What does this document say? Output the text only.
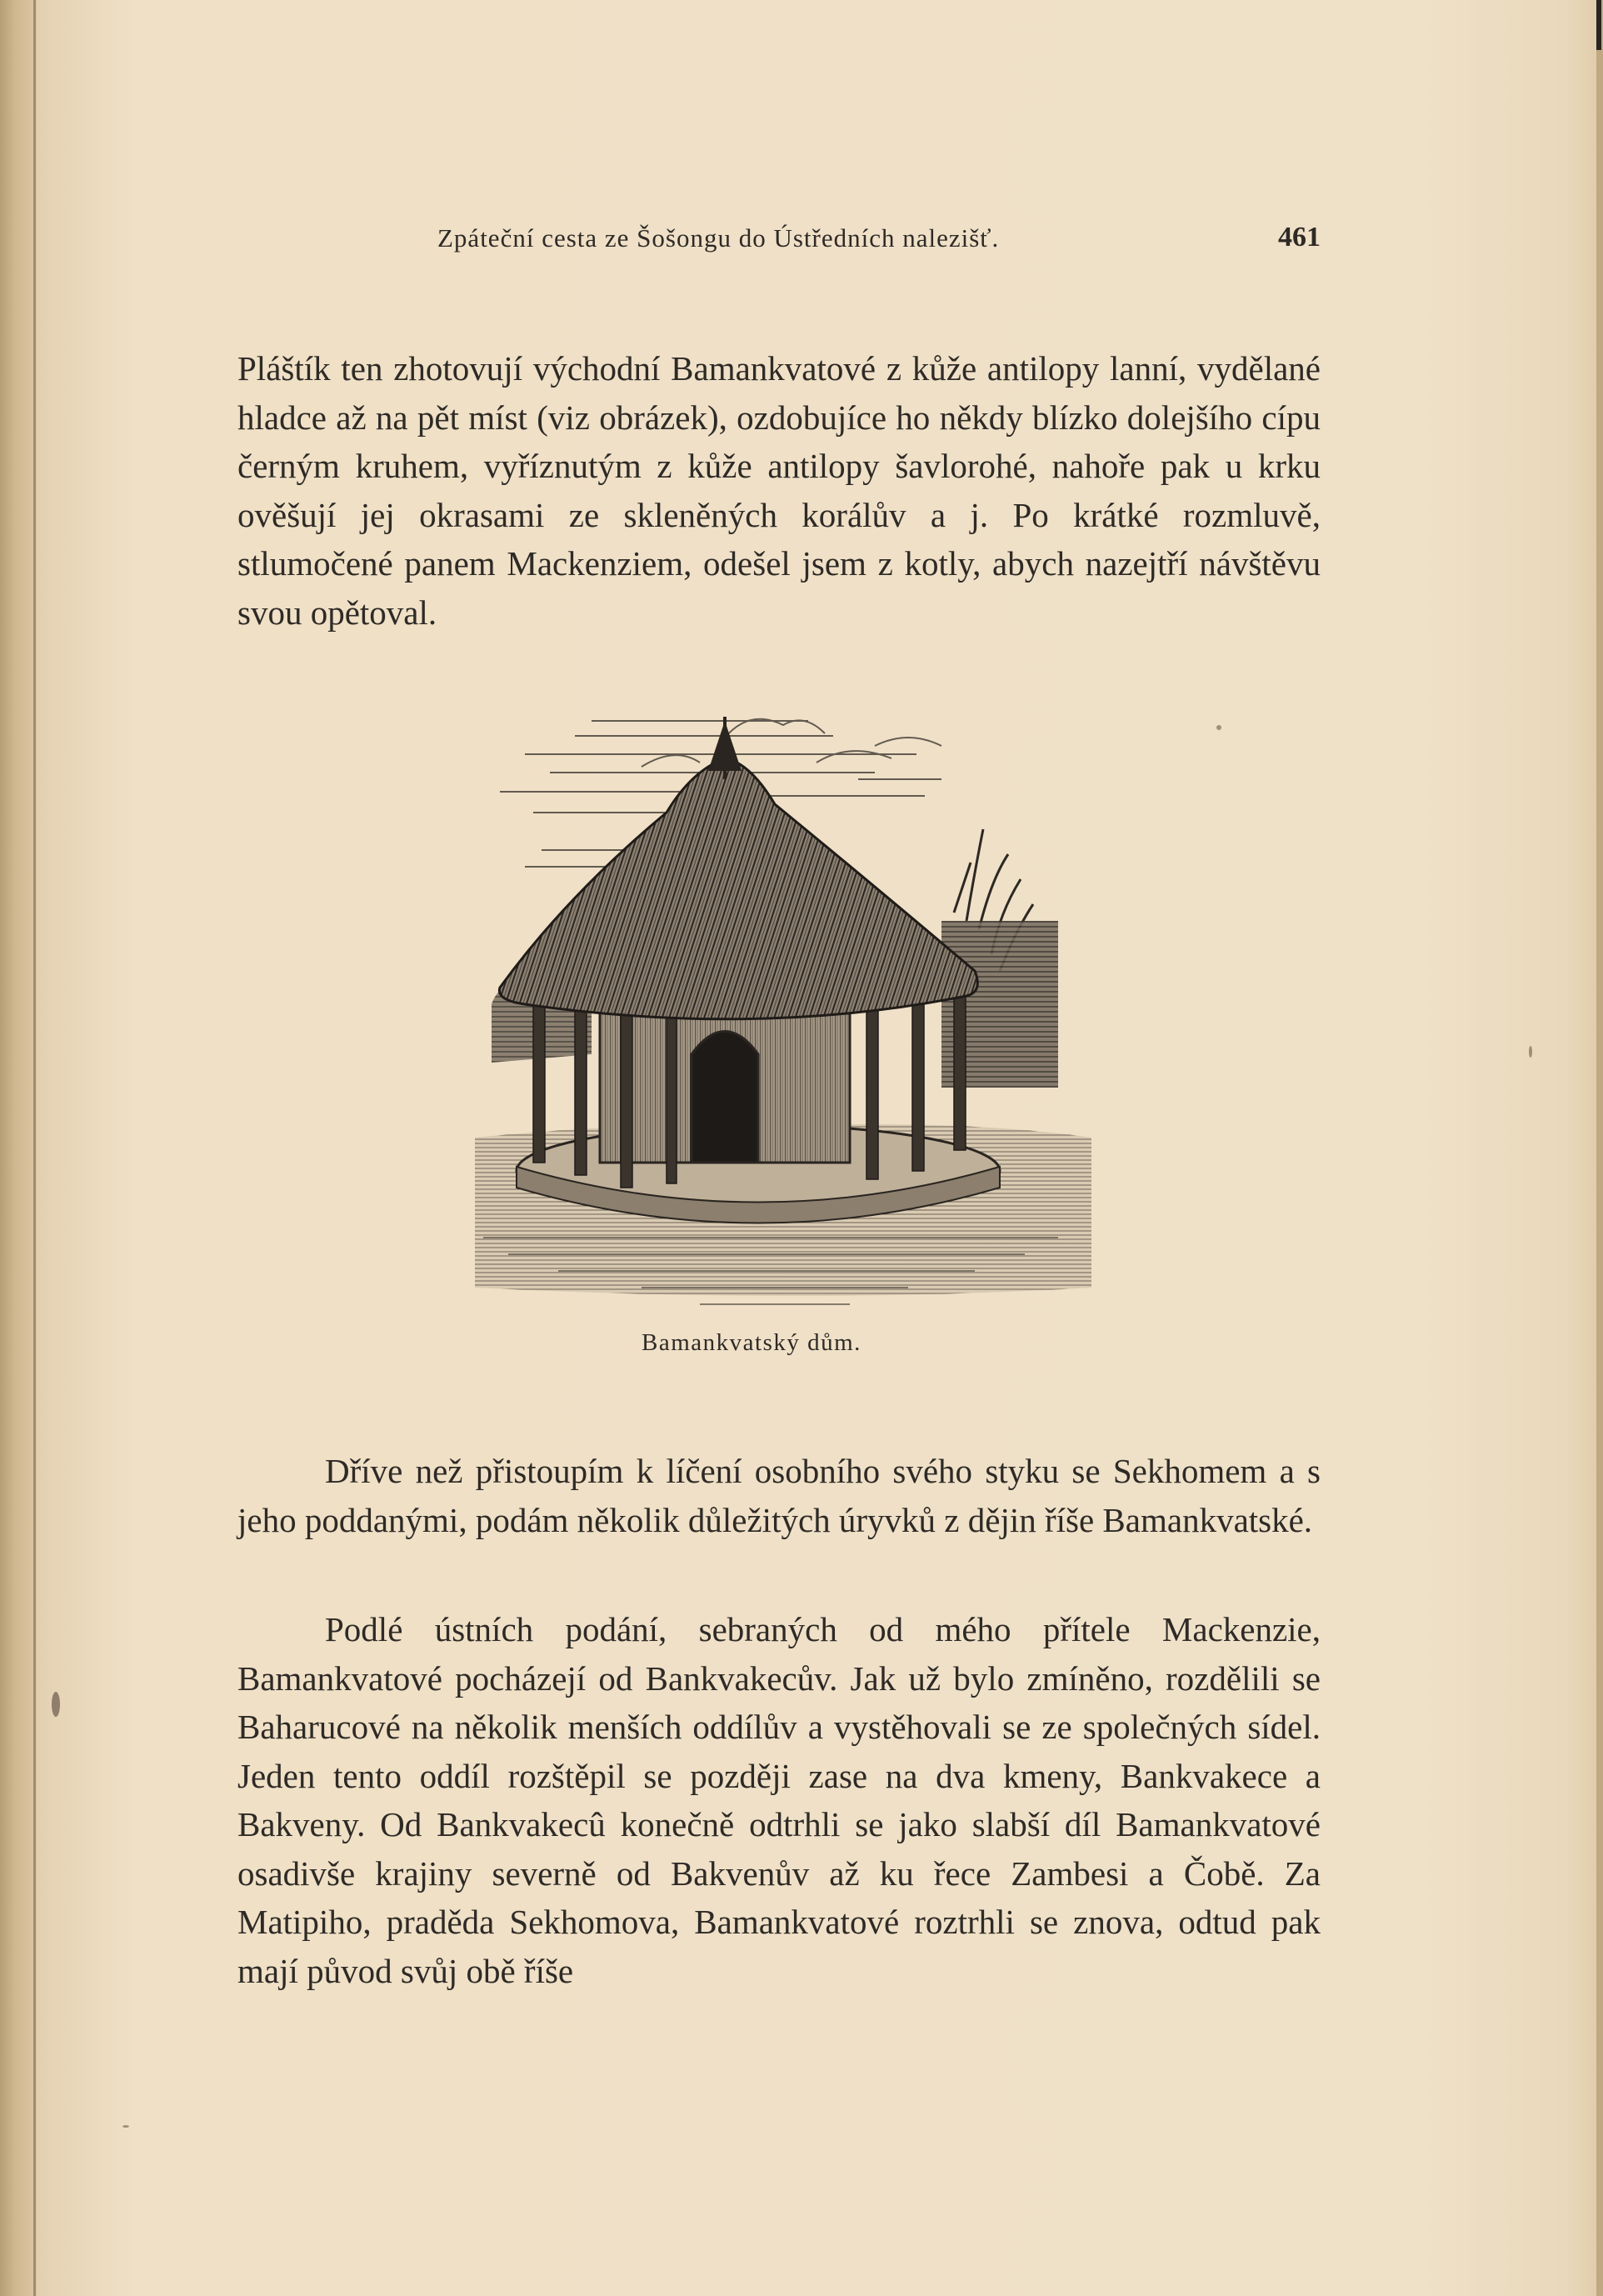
Zpáteční cesta ze Šošongu do Ústředních nalezišť.	461

Pláštík ten zhotovují východní Bamankvatové z kůže antilopy lanní, vydělané hladce až na pět míst (viz obrázek), ozdobujíce ho někdy blízko dolejšího cípu černým kruhem, vyříznutým z kůže antilopy šavlorohé, nahoře pak u krku ověšují jej okrasami ze skleněných korálův a j. Po krátké rozmluvě, stlumočené panem Mackenziem, odešel jsem z kotly, abych nazejtří návštěvu svou opětoval.

Bamankvatský dům.

Dříve než přistoupím k líčení osobního svého styku se Sekhomem a s jeho poddanými, podám několik důležitých úryvků z dějin říše Bamankvatské.

Podlé ústních podání, sebraných od mého přítele Mackenzie, Bamankvatové pocházejí od Bankvakecův. Jak už bylo zmíněno, rozdělili se Baharucové na několik menších oddílův a vystěhovali se ze společných sídel. Jeden tento oddíl rozštěpil se později zase na dva kmeny, Bankvakece a Bakveny. Od Bankvakecû konečně odtrhli se jako slabší díl Bamankvatové osadivše krajiny severně od Bakvenův až ku řece Zambesi a Čobě. Za Matipiho, praděda Sekhomova, Bamankvatové roztrhli se znova, odtud pak mají původ svůj obě říše
